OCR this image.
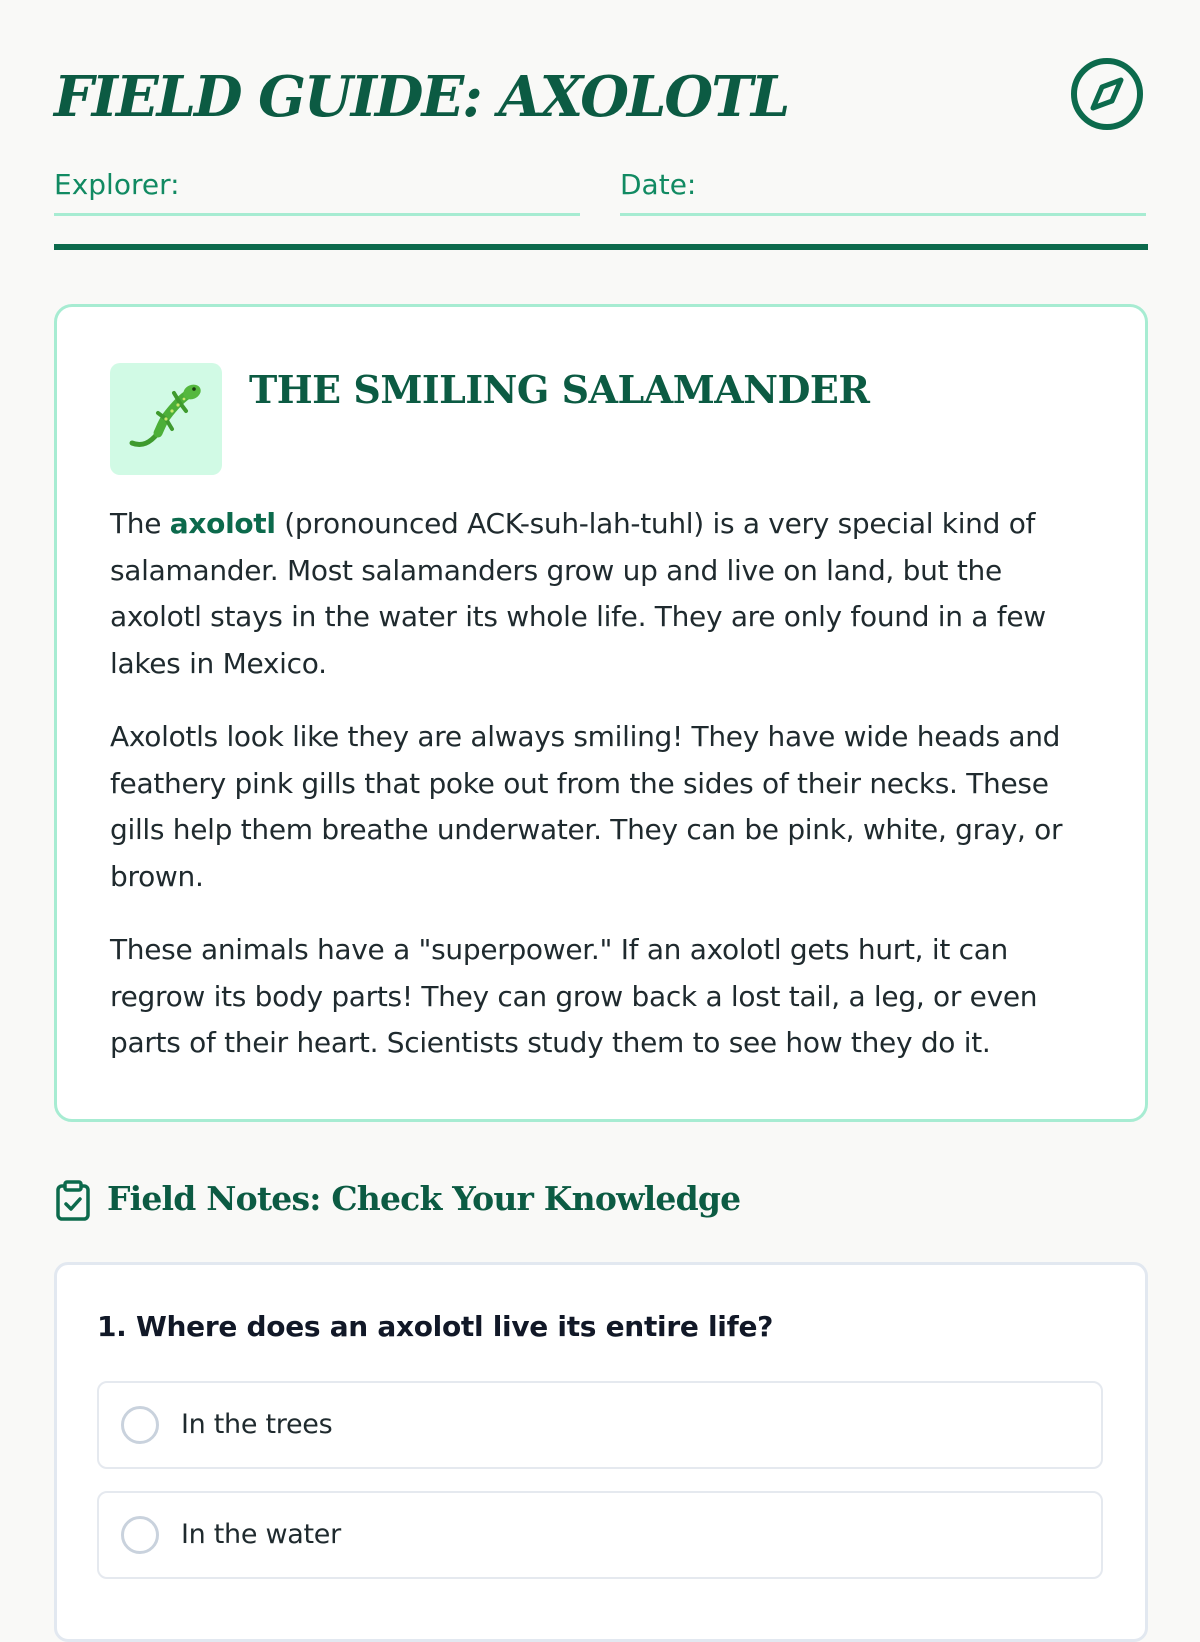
FIELD GUIDE: AXOLOTL
Explorer:	Date:
THE SMILING SALAMANDER

The axolotl (pronounced ACK-suh-lah-tuhl) is a very special kind of salamander. Most salamanders grow up and live on land, but the axolotl stays in the water its whole life. They are only found in a few lakes in Mexico.

Axolotls look like they are always smiling! They have wide heads and feathery pink gills that poke out from the sides of their necks. These gills help them breathe underwater. They can be pink, white, gray, or brown.

These animals have a "superpower." If an axolotl gets hurt, it can regrow its body parts! They can grow back a lost tail, a leg, or even parts of their heart. Scientists study them to see how they do it.

Field Notes: Check Your Knowledge

1. Where does an axolotl live its entire life?

In the trees
In the water
